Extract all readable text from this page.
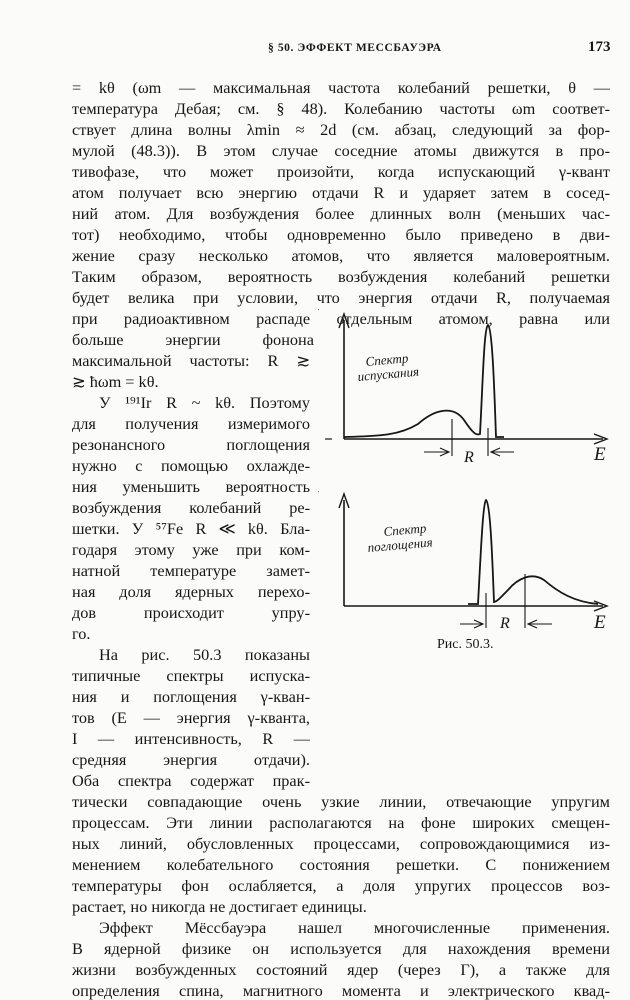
§ 50. ЭФФЕКТ МЕССБАУЭРА	173
= kθ (ωm — максимальная частота колебаний решетки, θ —
температура Дебая; см. § 48). Колебанию частоты ωm соответ-
ствует длина волны λmin ≈ 2d (см. абзац, следующий за фор-
мулой (48.3)). В этом случае соседние атомы движутся в про-
тивофазе, что может произойти, когда испускающий γ-квант
атом получает всю энергию отдачи R и ударяет затем в сосед-
ний атом. Для возбуждения более длинных волн (меньших час-
тот) необходимо, чтобы одновременно было приведено в дви-
жение сразу несколько атомов, что является маловероятным.
Таким образом, вероятность возбуждения колебаний решетки
будет велика при условии, что энергия отдачи R, получаемая
при радиоактивном распаде отдельным атомом, равна или
больше энергии фонона
максимальной частоты: R ≳
≳ ħωm = kθ.
У ¹⁹¹Ir R ~ kθ. Поэтому
для получения измеримого
резонансного поглощения
нужно с помощью охлажде-
ния уменьшить вероятность
возбуждения колебаний ре-
шетки. У ⁵⁷Fe R ≪ kθ. Бла-
годаря этому уже при ком-
натной температуре замет-
ная доля ядерных перехо-
дов происходит упру-
го.
На рис. 50.3 показаны
типичные спектры испуска-
ния и поглощения γ-кван-
тов (E — энергия γ-кванта,
I — интенсивность, R —
средняя энергия отдачи).
Оба спектра содержат прак-
тически совпадающие очень узкие линии, отвечающие упругим
процессам. Эти линии располагаются на фоне широких смещен-
ных линий, обусловленных процессами, сопровождающимися из-
менением колебательного состояния решетки. С понижением
температуры фон ослабляется, а доля упругих процессов воз-
растает, но никогда не достигает единицы.
Эффект Мёссбауэра нашел многочисленные применения.
В ядерной физике он используется для нахождения времени
жизни возбужденных состояний ядер (через Γ), а также для
определения спина, магнитного момента и электрического квад-
E
R
Спектр
испускания
E
R
Спектр
поглощения
Рис. 50.3.
